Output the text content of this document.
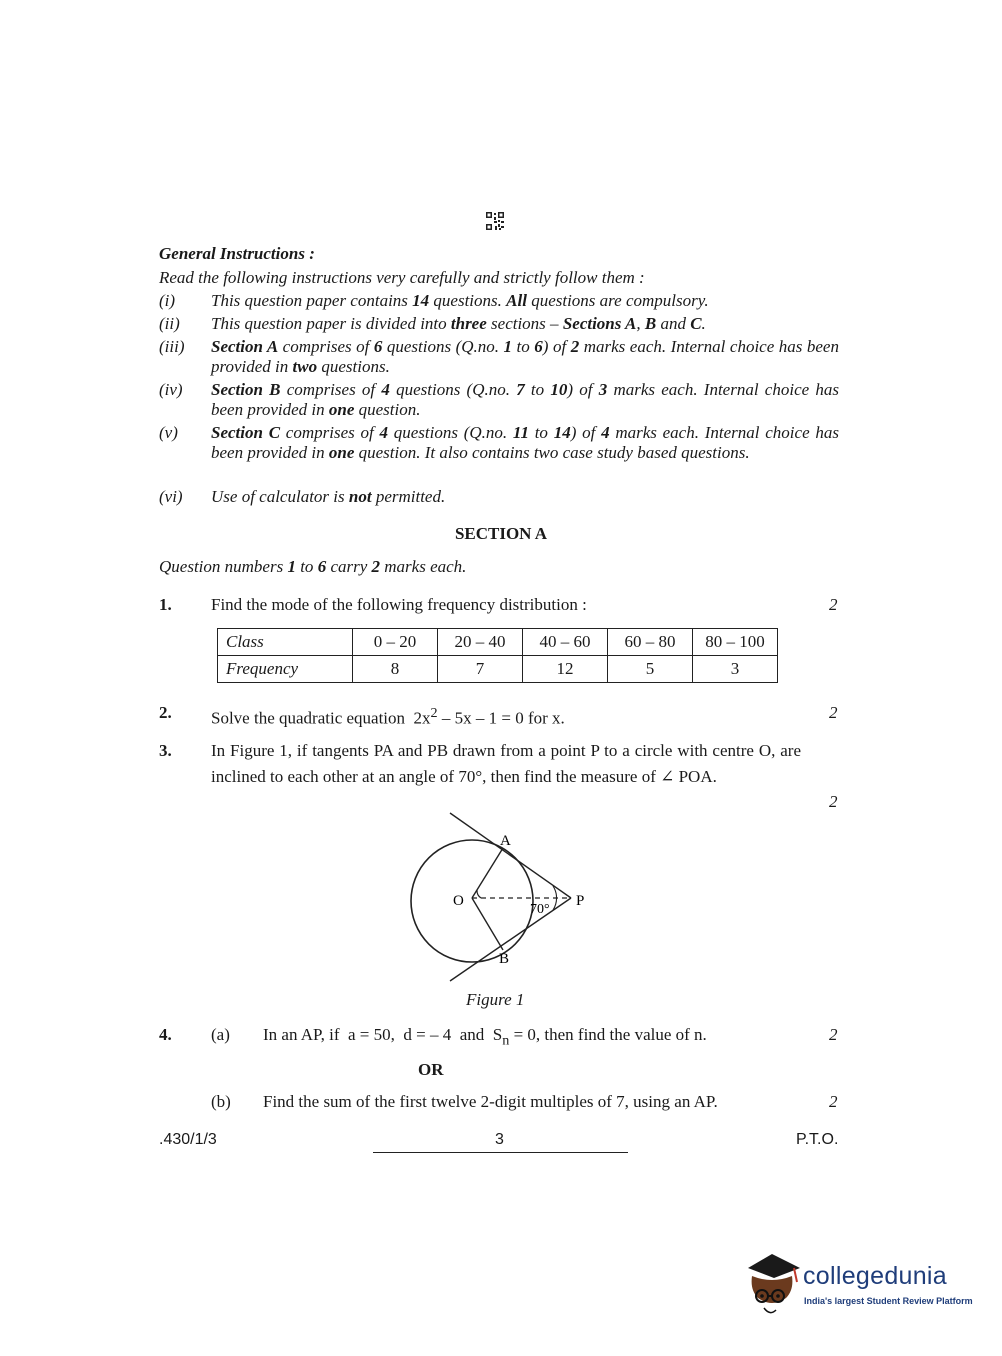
General Instructions :
Read the following instructions very carefully and strictly follow them :
(i) This question paper contains 14 questions. All questions are compulsory.
(ii) This question paper is divided into three sections – Sections A, B and C.
(iii) Section A comprises of 6 questions (Q.no. 1 to 6) of 2 marks each. Internal choice has been provided in two questions.
(iv) Section B comprises of 4 questions (Q.no. 7 to 10) of 3 marks each. Internal choice has been provided in one question.
(v) Section C comprises of 4 questions (Q.no. 11 to 14) of 4 marks each. Internal choice has been provided in one question. It also contains two case study based questions.
(vi) Use of calculator is not permitted.
SECTION A
Question numbers 1 to 6 carry 2 marks each.
1. Find the mode of the following frequency distribution :	2
Class	0 – 20	20 – 40	40 – 60	60 – 80	80 – 100
Frequency	8	7	12	5	3
2. Solve the quadratic equation  $2x^2 - 5x - 1 = 0$ for x.	2
3. In Figure 1, if tangents PA and PB drawn from a point P to a circle with centre O, are inclined to each other at an angle of 70°, then find the measure of ∠ POA.
2
A
B
O	P
70°
Figure 1
4. (a) In an AP, if  a = 50,  d = – 4  and  $S_n = 0$, then find the value of n.	2
OR
(b) Find the sum of the first twelve 2-digit multiples of 7, using an AP.	2
.430/1/3	3	P.T.O.
collegedunia
India's largest Student Review Platform
